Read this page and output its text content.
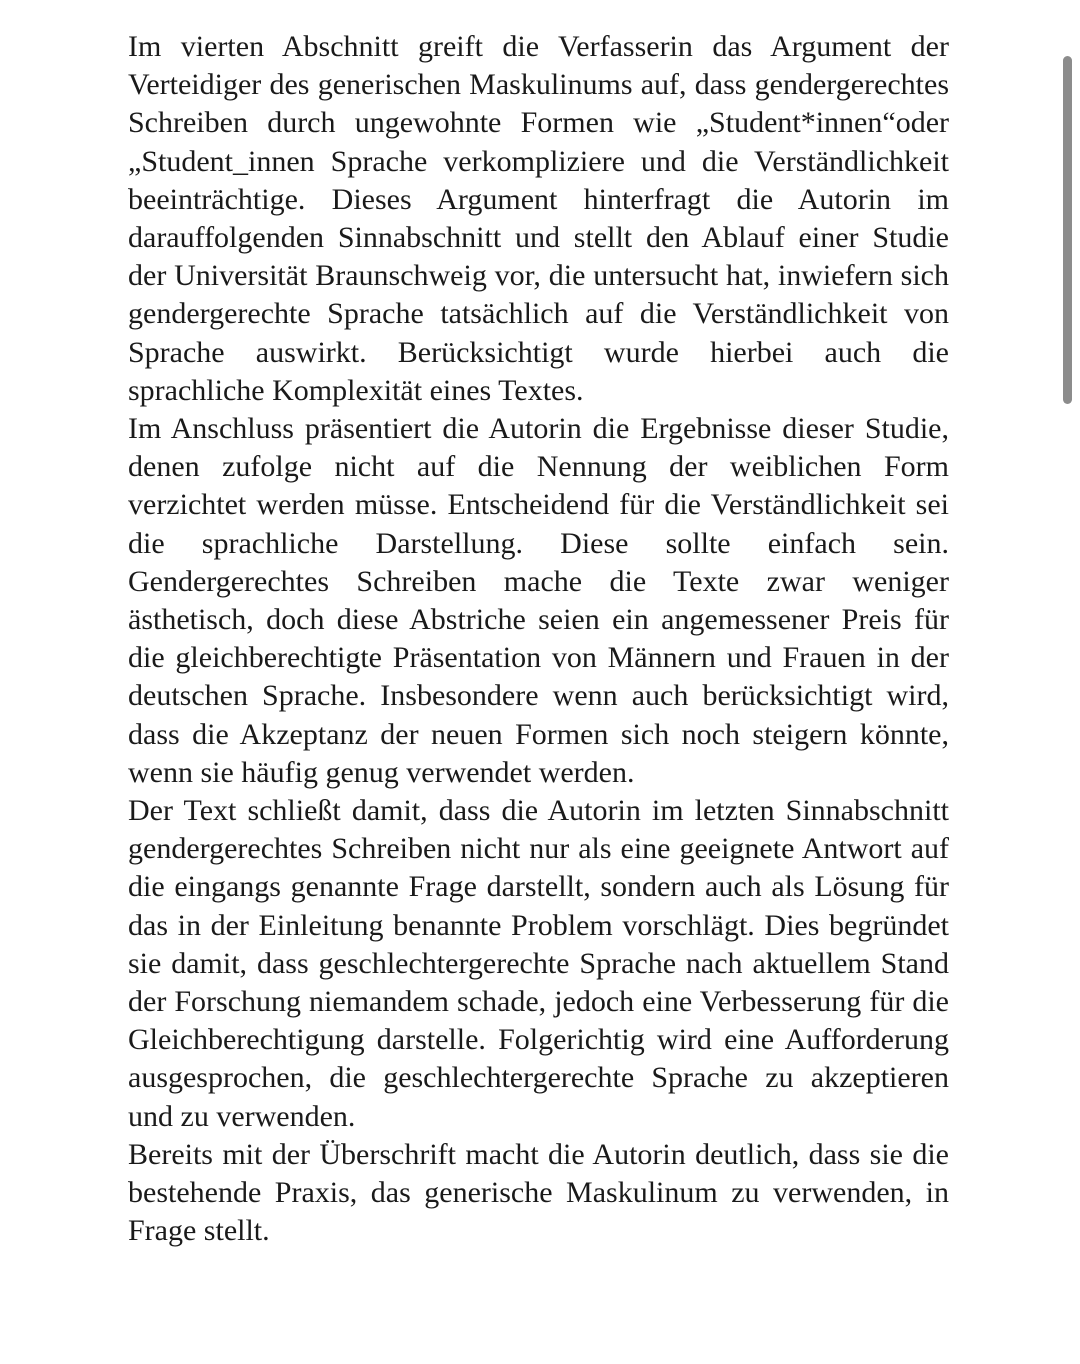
Im vierten Abschnitt greift die Verfasserin das Argument der Verteidiger des generischen Maskulinums auf, dass gendergerechtes Schreiben durch ungewohnte Formen wie „Student*innen“oder „Student_innen Sprache verkompliziere und die Verständlichkeit beeinträchtige. Dieses Argument hinterfragt die Autorin im darauffolgenden Sinnabschnitt und stellt den Ablauf einer Studie der Universität Braunschweig vor, die untersucht hat, inwiefern sich gendergerechte Sprache tatsächlich auf die Verständlichkeit von Sprache auswirkt. Berücksichtigt wurde hierbei auch die sprachliche Komplexität eines Textes.

Im Anschluss präsentiert die Autorin die Ergebnisse dieser Studie, denen zufolge nicht auf die Nennung der weiblichen Form verzichtet werden müsse. Entscheidend für die Verständlichkeit sei die sprachliche Darstellung. Diese sollte einfach sein. Gendergerechtes Schreiben mache die Texte zwar weniger ästhetisch, doch diese Abstriche seien ein angemessener Preis für die gleichberechtigte Präsentation von Männern und Frauen in der deutschen Sprache. Insbesondere wenn auch berücksichtigt wird, dass die Akzeptanz der neuen Formen sich noch steigern könnte, wenn sie häufig genug verwendet werden.

Der Text schließt damit, dass die Autorin im letzten Sinnabschnitt gendergerechtes Schreiben nicht nur als eine geeignete Antwort auf die eingangs genannte Frage darstellt, sondern auch als Lösung für das in der Einleitung benannte Problem vorschlägt. Dies begründet sie damit, dass geschlechtergerechte Sprache nach aktuellem Stand der Forschung niemandem schade, jedoch eine Verbesserung für die Gleichberechtigung darstelle. Folgerichtig wird eine Aufforderung ausgesprochen, die geschlechtergerechte Sprache zu akzeptieren und zu verwenden.

Bereits mit der Überschrift macht die Autorin deutlich, dass sie die bestehende Praxis, das generische Maskulinum zu verwenden, in Frage stellt.
